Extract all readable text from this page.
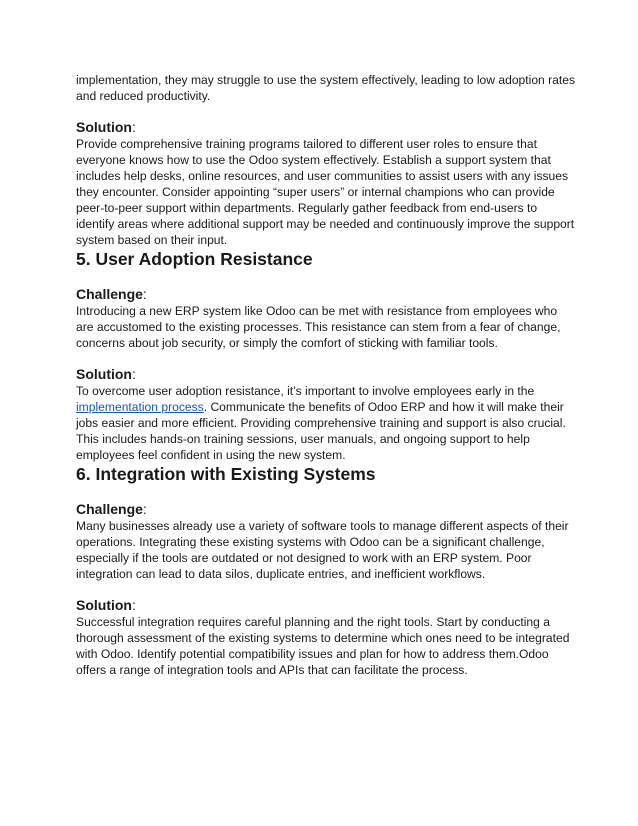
implementation, they may struggle to use the system effectively, leading to low adoption rates and reduced productivity.

Solution:

Provide comprehensive training programs tailored to different user roles to ensure that everyone knows how to use the Odoo system effectively. Establish a support system that includes help desks, online resources, and user communities to assist users with any issues they encounter. Consider appointing “super users” or internal champions who can provide peer-to-peer support within departments. Regularly gather feedback from end-users to identify areas where additional support may be needed and continuously improve the support system based on their input.

5. User Adoption Resistance
Challenge:

Introducing a new ERP system like Odoo can be met with resistance from employees who are accustomed to the existing processes. This resistance can stem from a fear of change, concerns about job security, or simply the comfort of sticking with familiar tools.

Solution:

To overcome user adoption resistance, it’s important to involve employees early in the implementation process. Communicate the benefits of Odoo ERP and how it will make their jobs easier and more efficient. Providing comprehensive training and support is also crucial. This includes hands-on training sessions, user manuals, and ongoing support to help employees feel confident in using the new system.

6. Integration with Existing Systems
Challenge:

Many businesses already use a variety of software tools to manage different aspects of their operations. Integrating these existing systems with Odoo can be a significant challenge, especially if the tools are outdated or not designed to work with an ERP system. Poor integration can lead to data silos, duplicate entries, and inefficient workflows.

Solution:

Successful integration requires careful planning and the right tools. Start by conducting a thorough assessment of the existing systems to determine which ones need to be integrated with Odoo. Identify potential compatibility issues and plan for how to address them.Odoo offers a range of integration tools and APIs that can facilitate the process.
